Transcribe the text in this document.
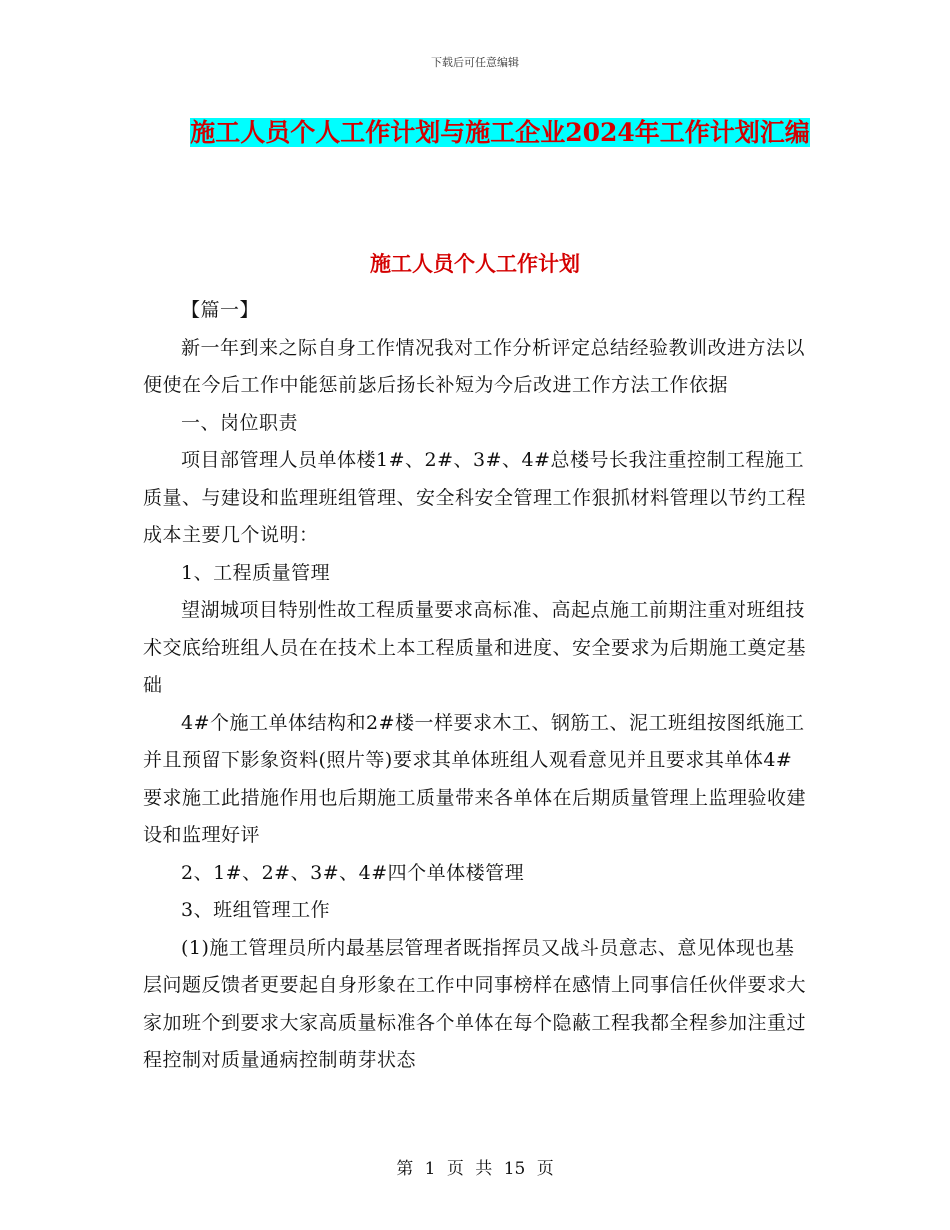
下载后可任意编辑
施工人员个人工作计划与施工企业2024年工作计划汇编
施工人员个人工作计划

【篇一】

新一年到来之际自身工作情况我对工作分析评定总结经验教训改进方法以便使在今后工作中能惩前毖后扬长补短为今后改进工作方法工作依据

一、岗位职责

项目部管理人员单体楼1#、2#、3#、4#总楼号长我注重控制工程施工质量、与建设和监理班组管理、安全科安全管理工作狠抓材料管理以节约工程成本主要几个说明：

1、工程质量管理

望湖城项目特别性故工程质量要求高标准、高起点施工前期注重对班组技术交底给班组人员在在技术上本工程质量和进度、安全要求为后期施工奠定基础

4#个施工单体结构和2#楼一样要求木工、钢筋工、泥工班组按图纸施工并且预留下影象资料(照片等)要求其单体班组人观看意见并且要求其单体4#要求施工此措施作用也后期施工质量带来各单体在后期质量管理上监理验收建设和监理好评

2、1#、2#、3#、4#四个单体楼管理

3、班组管理工作

(1)施工管理员所内最基层管理者既指挥员又战斗员意志、意见体现也基层问题反馈者更要起自身形象在工作中同事榜样在感情上同事信任伙伴要求大家加班个到要求大家高质量标准各个单体在每个隐蔽工程我都全程参加注重过程控制对质量通病控制萌芽状态

第 1 页 共 15 页
